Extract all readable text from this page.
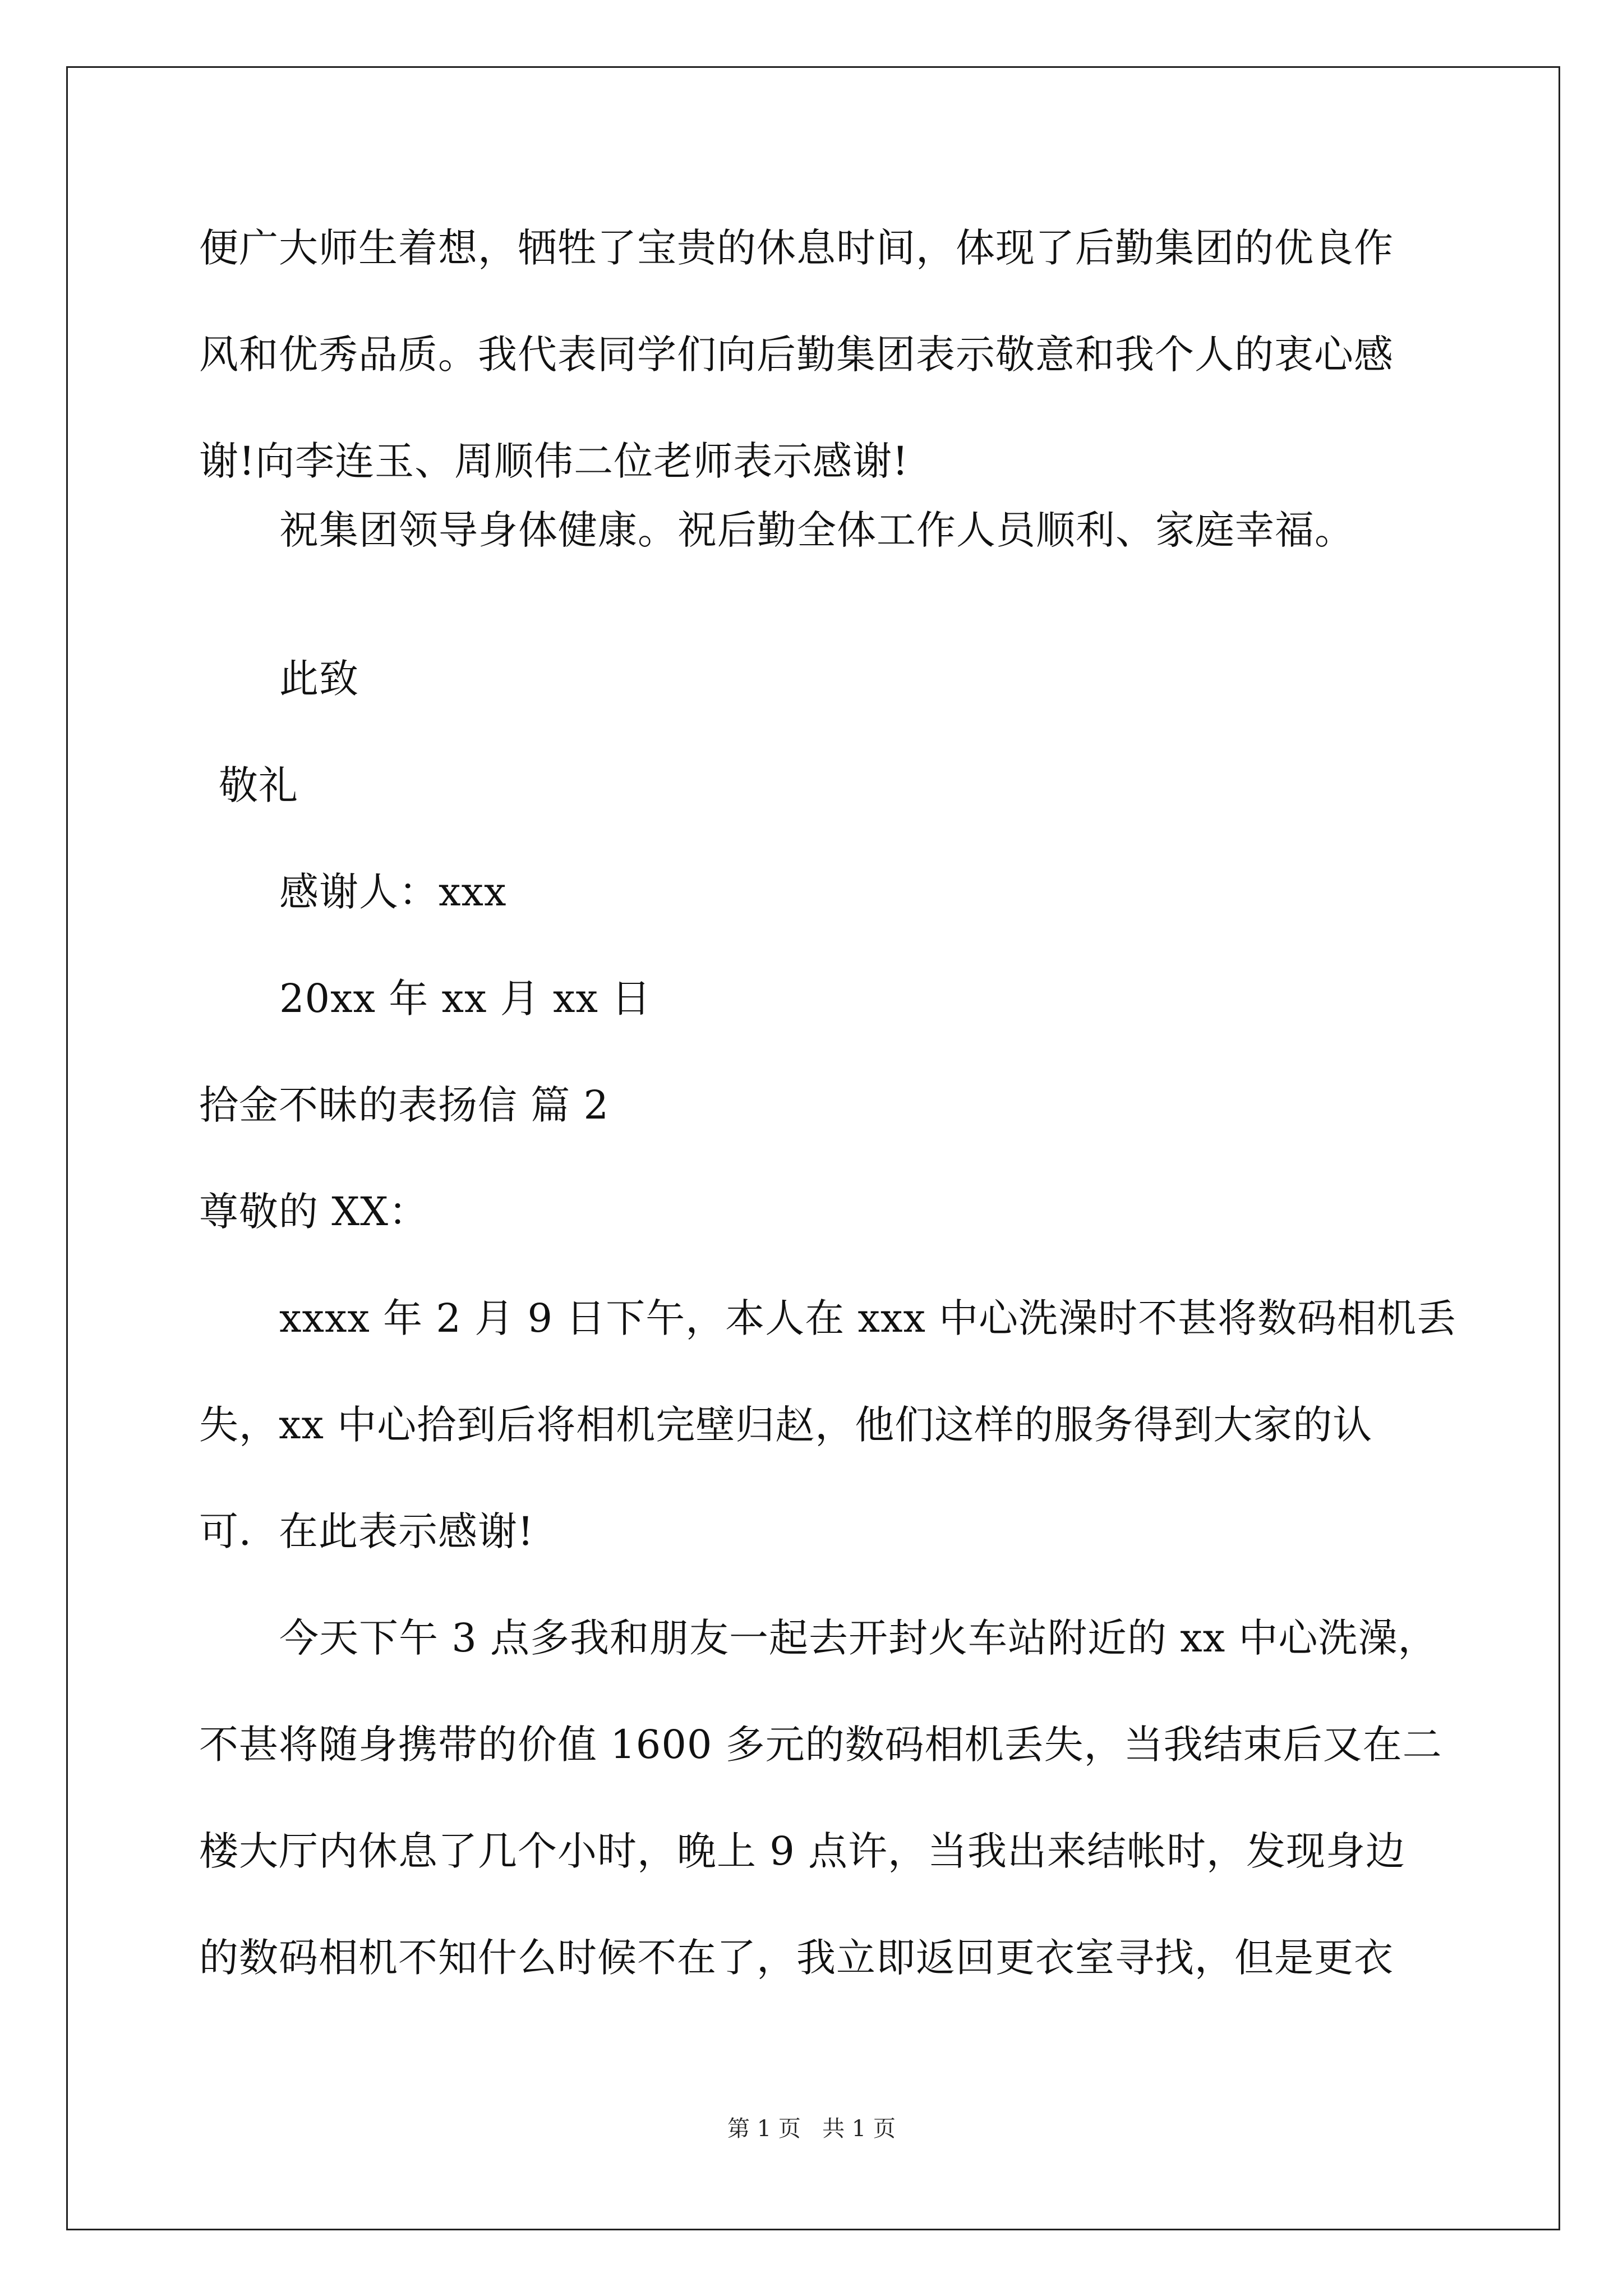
便广大师生着想，牺牲了宝贵的休息时间，体现了后勤集团的优良作
风和优秀品质。我代表同学们向后勤集团表示敬意和我个人的衷心感
谢!向李连玉、周顺伟二位老师表示感谢!
祝集团领导身体健康。祝后勤全体工作人员顺利、家庭幸福。
此致
敬礼
感谢人：xxx
20xx 年 xx 月 xx 日
拾金不昧的表扬信 篇 2
尊敬的 XX：
xxxx 年 2 月 9 日下午，本人在 xxx 中心洗澡时不甚将数码相机丢
失，xx 中心拾到后将相机完壁归赵，他们这样的服务得到大家的认
可．在此表示感谢!
今天下午 3 点多我和朋友一起去开封火车站附近的 xx 中心洗澡，
不甚将随身携带的价值 1600 多元的数码相机丢失，当我结束后又在二
楼大厅内休息了几个小时，晚上 9 点许，当我出来结帐时，发现身边
的数码相机不知什么时候不在了，我立即返回更衣室寻找，但是更衣
第 1 页   共 1 页
